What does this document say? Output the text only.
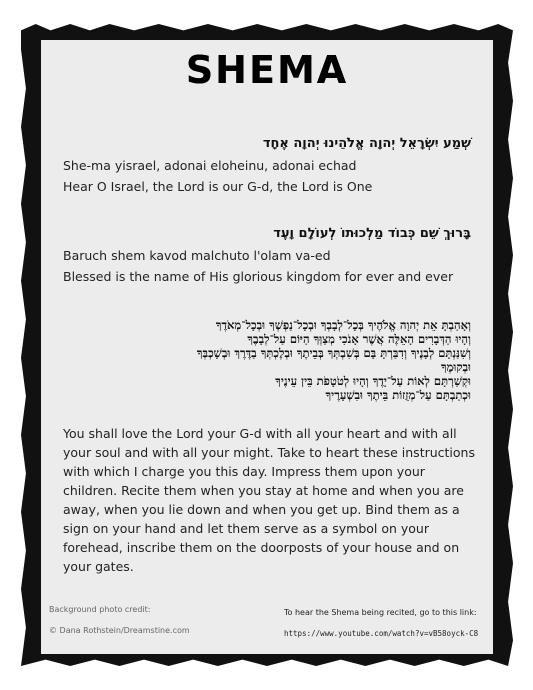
SHEMA
שְׁמַע יִשְׂרָאֵל יְהוָה אֱלֹהֵינוּ יְהוָה אֶחָד
She-ma yisrael, adonai eloheinu, adonai echad
Hear O Israel, the Lord is our G-d, the Lord is One
בָּרוּךְ שֵׁם כְּבוֹד מַלְכוּתוֹ לְעוֹלָם וָעֶד
Baruch shem kavod malchuto l'olam va-ed
Blessed is the name of His glorious kingdom for ever and ever
וְאָהַבְתָּ אֵת יְהוָה אֱלֹהֶיךָ בְּכָל־לְבָבְךָ וּבְכָל־נַפְשְׁךָ וּבְכָל־מְאֹדֶךָ
וְהָיוּ הַדְּבָרִים הָאֵלֶּה אֲשֶׁר אָנֹכִי מְצַוְּךָ הַיּוֹם עַל־לְבָבֶךָ
וְשִׁנַּנְתָּם לְבָנֶיךָ וְדִבַּרְתָּ בָּם בְּשִׁבְתְּךָ בְּבֵיתֶךָ וּבְלֶכְתְּךָ בַדֶּרֶךְ וּבְשָׁכְבְּךָ
וּבְקוּמֶךָ
וּקְשַׁרְתָּם לְאוֹת עַל־יָדֶךָ וְהָיוּ לְטֹטָפֹת בֵּין עֵינֶיךָ
וּכְתַבְתָּם עַל־מְזֻזוֹת בֵּיתֶךָ וּבִשְׁעָרֶיךָ
You shall love the Lord your G-d with all your heart and with all your soul and with all your might. Take to heart these instructions with which I charge you this day. Impress them upon your children. Recite them when you stay at home and when you are away, when you lie down and when you get up. Bind them as a sign on your hand and let them serve as a symbol on your forehead, inscribe them on the doorposts of your house and on your gates.
Background photo credit:
© Dana Rothstein/Dreamstine.com
To hear the Shema being recited, go to this link:
https://www.youtube.com/watch?v=vB58oyck-C8
